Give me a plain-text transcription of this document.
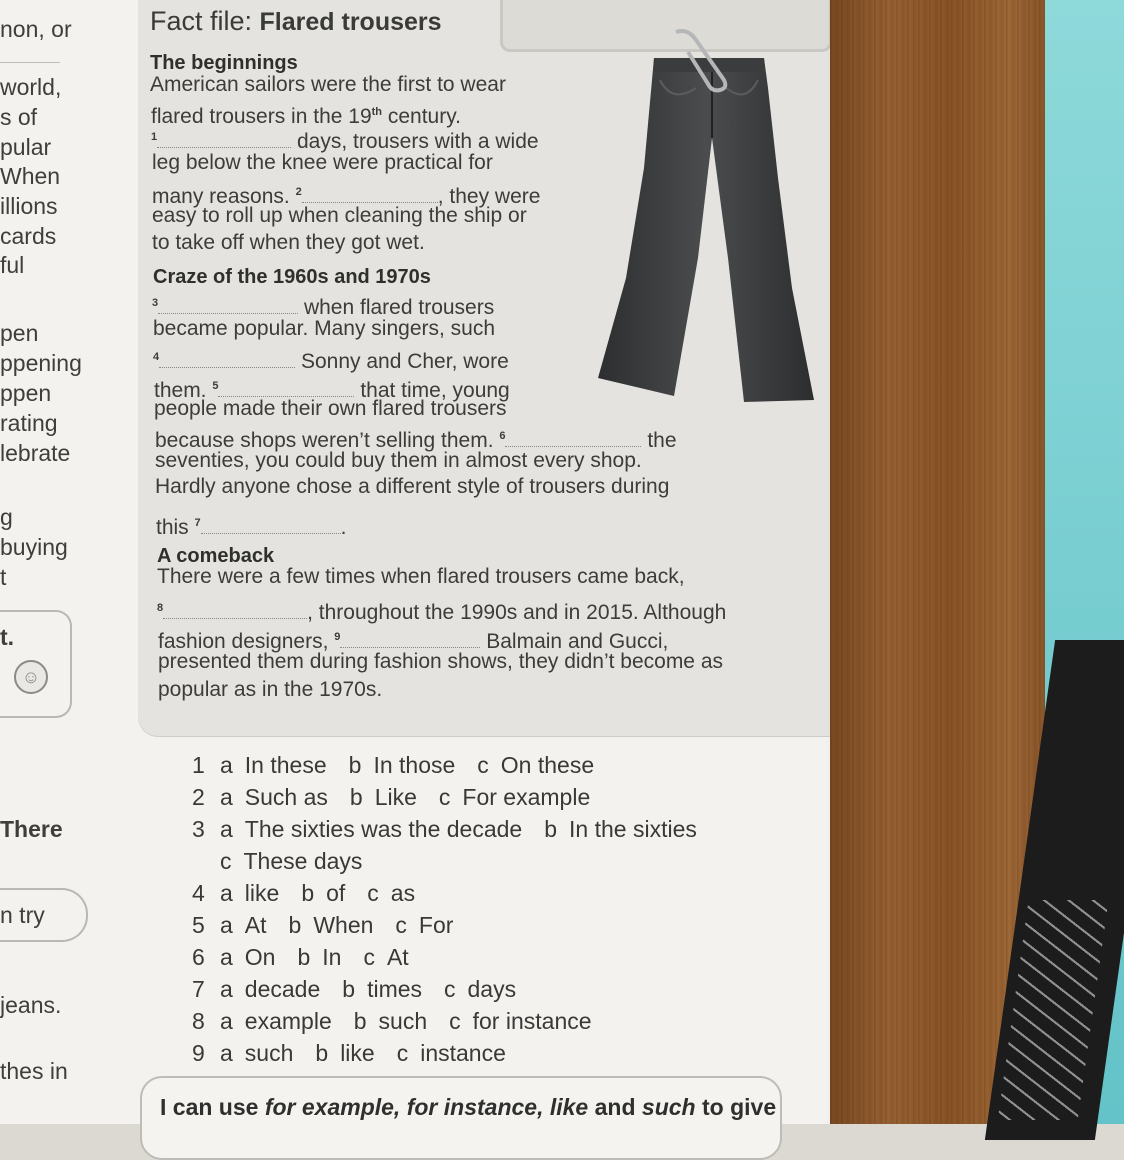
non, or
world,
s of
pular
When
illions
cards
ful
pen
ppening
ppen
rating
lebrate
g
buying
t
t.
There
n try
jeans.
thes in
☺
Fact file: Flared trousers
The beginnings
American sailors were the first to wear
flared trousers in the 19th century.
$^1$	days, trousers with a wide
leg below the knee were practical for
many reasons. $^2$	, they were
easy to roll up when cleaning the ship or
to take off when they got wet.
Craze of the 1960s and 1970s
$^3$	when flared trousers
became popular. Many singers, such
$^4$	Sonny and Cher, wore
them. $^5$	that time, young
people made their own flared trousers
because shops weren’t selling them. $^6$	the
seventies, you could buy them in almost every shop.
Hardly anyone chose a different style of trousers during
this $^7$	.
A comeback
There were a few times when flared trousers came back,
$^8$	, throughout the 1990s and in 2015. Although
fashion designers, $^9$	Balmain and Gucci,
presented them during fashion shows, they didn’t become as
popular as in the 1970s.
1 a In these b In those c On these
2 a Such as b Like c For example
3 a The sixties was the decade b In the sixties
c These days
4 a like b of c as
5 a At b When c For
6 a On b In c At
7 a decade b times c days
8 a example b such c for instance
9 a such b like c instance
I can use for example, for instance, like and such to give
